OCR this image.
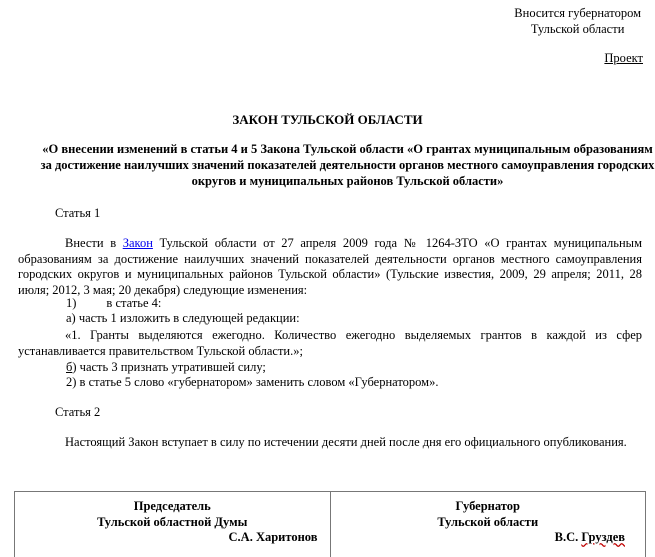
Вносится губернатором
Тульской области
Проект
ЗАКОН ТУЛЬСКОЙ ОБЛАСТИ
«О внесении изменений в статьи 4 и 5 Закона Тульской области «О грантах муниципальным образованиям за достижение наилучших значений показателей деятельности органов местного самоуправления городских округов и муниципальных районов Тульской области»
Статья 1
Внести в Закон Тульской области от 27 апреля 2009 года № 1264-ЗТО «О грантах муниципальным образованиям за достижение наилучших значений показателей деятельности органов местного самоуправления городских округов и муниципальных районов Тульской области» (Тульские известия, 2009, 29 апреля; 2011, 28 июля; 2012, 3 мая; 20 декабря) следующие изменения:
1) в статье 4:
а) часть 1 изложить в следующей редакции:
«1. Гранты выделяются ежегодно. Количество ежегодно выделяемых грантов в каждой из сфер устанавливается правительством Тульской области.»;
б) часть 3 признать утратившей силу;
2) в статье 5 слово «губернатором» заменить словом «Губернатором».
Статья 2
Настоящий Закон вступает в силу по истечении десяти дней после дня его официального опубликования.
Председатель
Тульской областной Думы
С.А. Харитонов
Губернатор
Тульской области
В.С. Груздев
